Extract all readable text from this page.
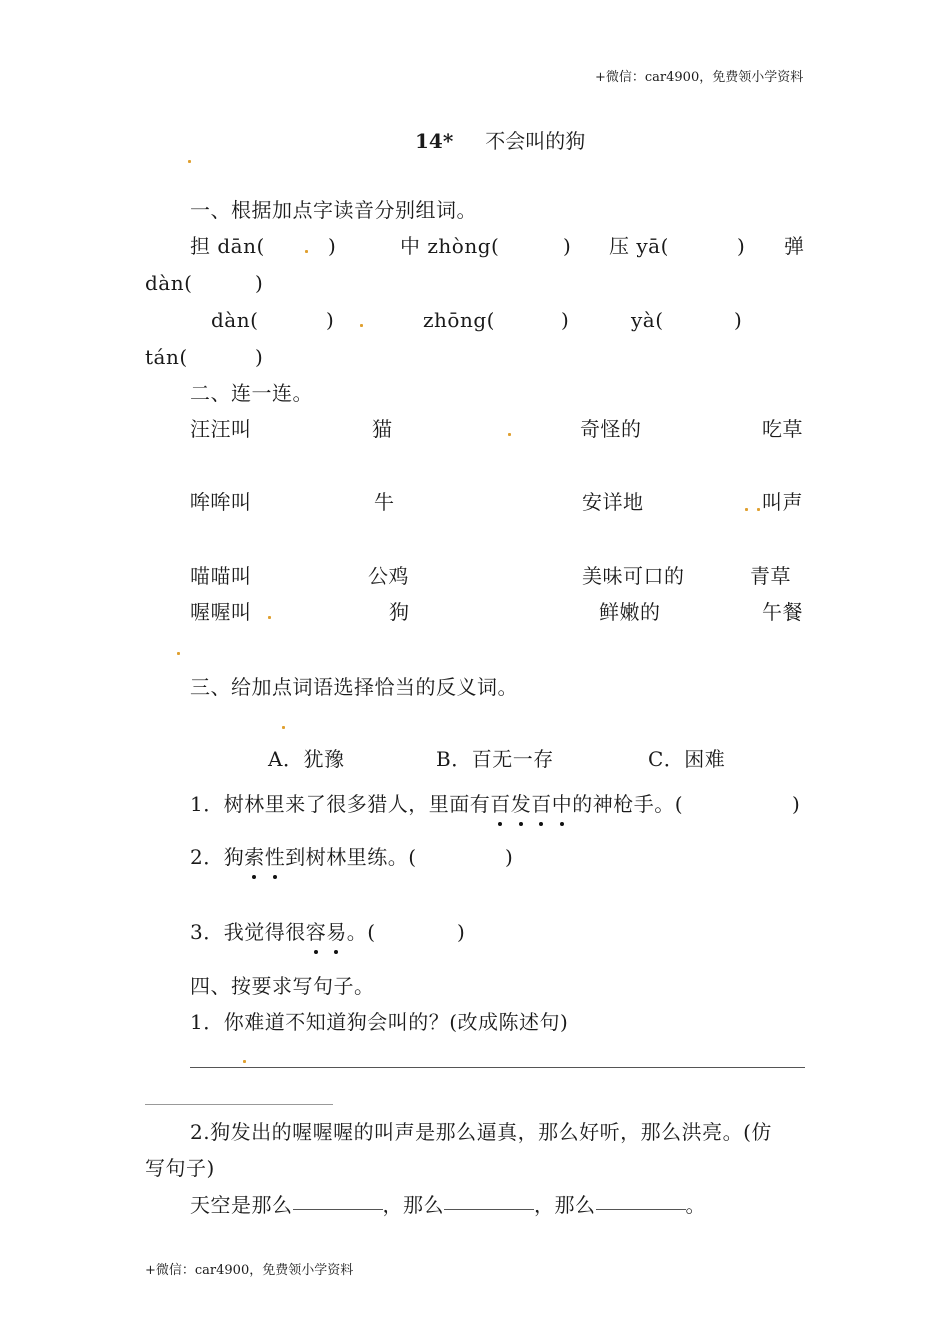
+微信：car4900，免费领小学资料
14* 不会叫的狗
一、根据加点字读音分别组词。
担 dān(	)	中 zhòng(	) 压 yā(	) 弹
dàn(	)
dàn(	)	zhōng(	)	yà(	)
tán(	)
二、连一连。
汪汪叫	猫	奇怪的	吃草
哞哞叫	牛	安详地	叫声
喵喵叫	公鸡	美味可口的	青草
喔喔叫	狗	鲜嫩的	午餐
三、给加点词语选择恰当的反义词。
A．犹豫	B．百无一存	C．困难
1．树林里来了很多猎人，里面有百发百中
的神枪手。(	)
2．狗索性
到树林里练。(	)
3．我觉得很容易
。(	)
四、按要求写句子。
1．你难道不知道狗会叫的？(改成陈述句)
2.狗发出的喔喔喔的叫声是那么逼真，那么好听，那么洪亮。(仿
写句子)
天空是那么	，那么	，那么	。
+微信：car4900，免费领小学资料
